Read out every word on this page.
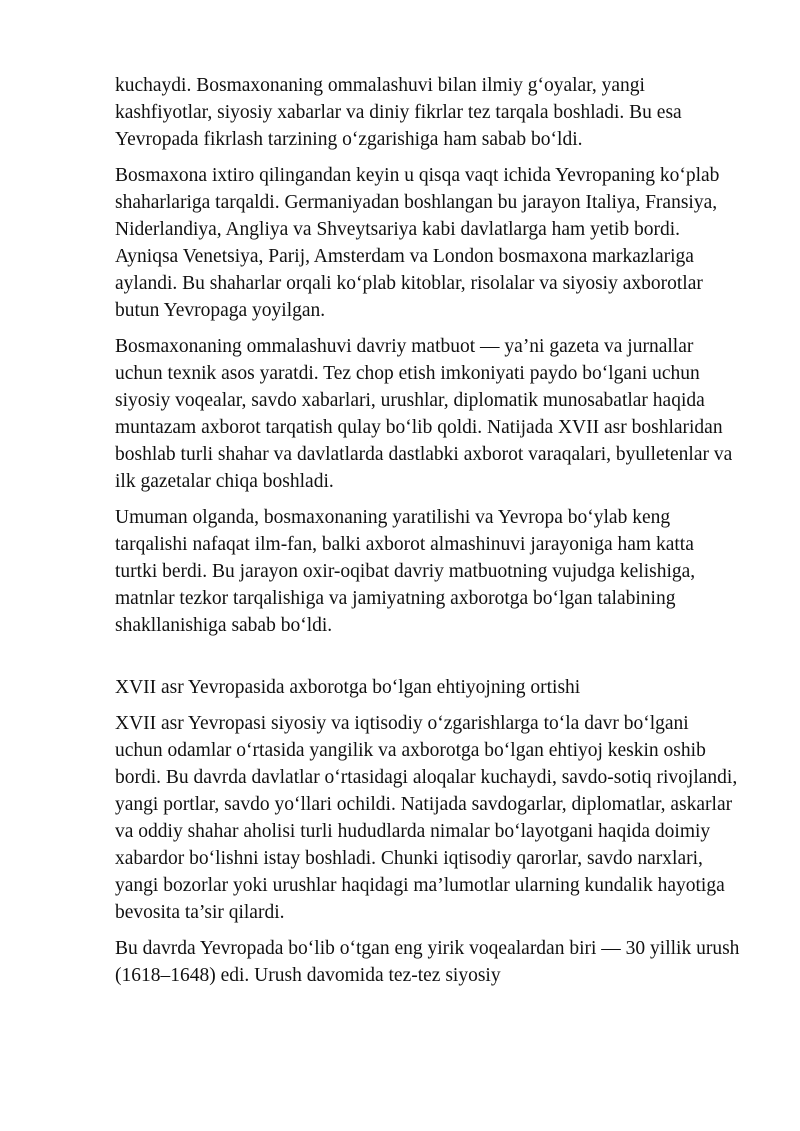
kuchaydi. Bosmaxonaning ommalashuvi bilan ilmiy g‘oyalar, yangi kashfiyotlar, siyosiy xabarlar va diniy fikrlar tez tarqala boshladi. Bu esa Yevropada fikrlash tarzining o‘zgarishiga ham sabab bo‘ldi.

Bosmaxona ixtiro qilingandan keyin u qisqa vaqt ichida Yevropaning ko‘plab shaharlariga tarqaldi. Germaniyadan boshlangan bu jarayon Italiya, Fransiya, Niderlandiya, Angliya va Shveytsariya kabi davlatlarga ham yetib bordi. Ayniqsa Venetsiya, Parij, Amsterdam va London bosmaxona markazlariga aylandi. Bu shaharlar orqali ko‘plab kitoblar, risolalar va siyosiy axborotlar butun Yevropaga yoyilgan.

Bosmaxonaning ommalashuvi davriy matbuot — ya’ni gazeta va jurnallar uchun texnik asos yaratdi. Tez chop etish imkoniyati paydo bo‘lgani uchun siyosiy voqealar, savdo xabarlari, urushlar, diplomatik munosabatlar haqida muntazam axborot tarqatish qulay bo‘lib qoldi. Natijada XVII asr boshlaridan boshlab turli shahar va davlatlarda dastlabki axborot varaqalari, byulletenlar va ilk gazetalar chiqa boshladi.

Umuman olganda, bosmaxonaning yaratilishi va Yevropa bo‘ylab keng tarqalishi nafaqat ilm-fan, balki axborot almashinuvi jarayoniga ham katta turtki berdi. Bu jarayon oxir-oqibat davriy matbuotning vujudga kelishiga, matnlar tezkor tarqalishiga va jamiyatning axborotga bo‘lgan talabining shakllanishiga sabab bo‘ldi.

XVII asr Yevropasida axborotga bo‘lgan ehtiyojning ortishi

XVII asr Yevropasi siyosiy va iqtisodiy o‘zgarishlarga to‘la davr bo‘lgani uchun odamlar o‘rtasida yangilik va axborotga bo‘lgan ehtiyoj keskin oshib bordi. Bu davrda davlatlar o‘rtasidagi aloqalar kuchaydi, savdo-sotiq rivojlandi, yangi portlar, savdo yo‘llari ochildi. Natijada savdogarlar, diplomatlar, askarlar va oddiy shahar aholisi turli hududlarda nimalar bo‘layotgani haqida doimiy xabardor bo‘lishni istay boshladi. Chunki iqtisodiy qarorlar, savdo narxlari, yangi bozorlar yoki urushlar haqidagi ma’lumotlar ularning kundalik hayotiga bevosita ta’sir qilardi.

Bu davrda Yevropada bo‘lib o‘tgan eng yirik voqealardan biri — 30 yillik urush (1618–1648) edi. Urush davomida tez-tez siyosiy
